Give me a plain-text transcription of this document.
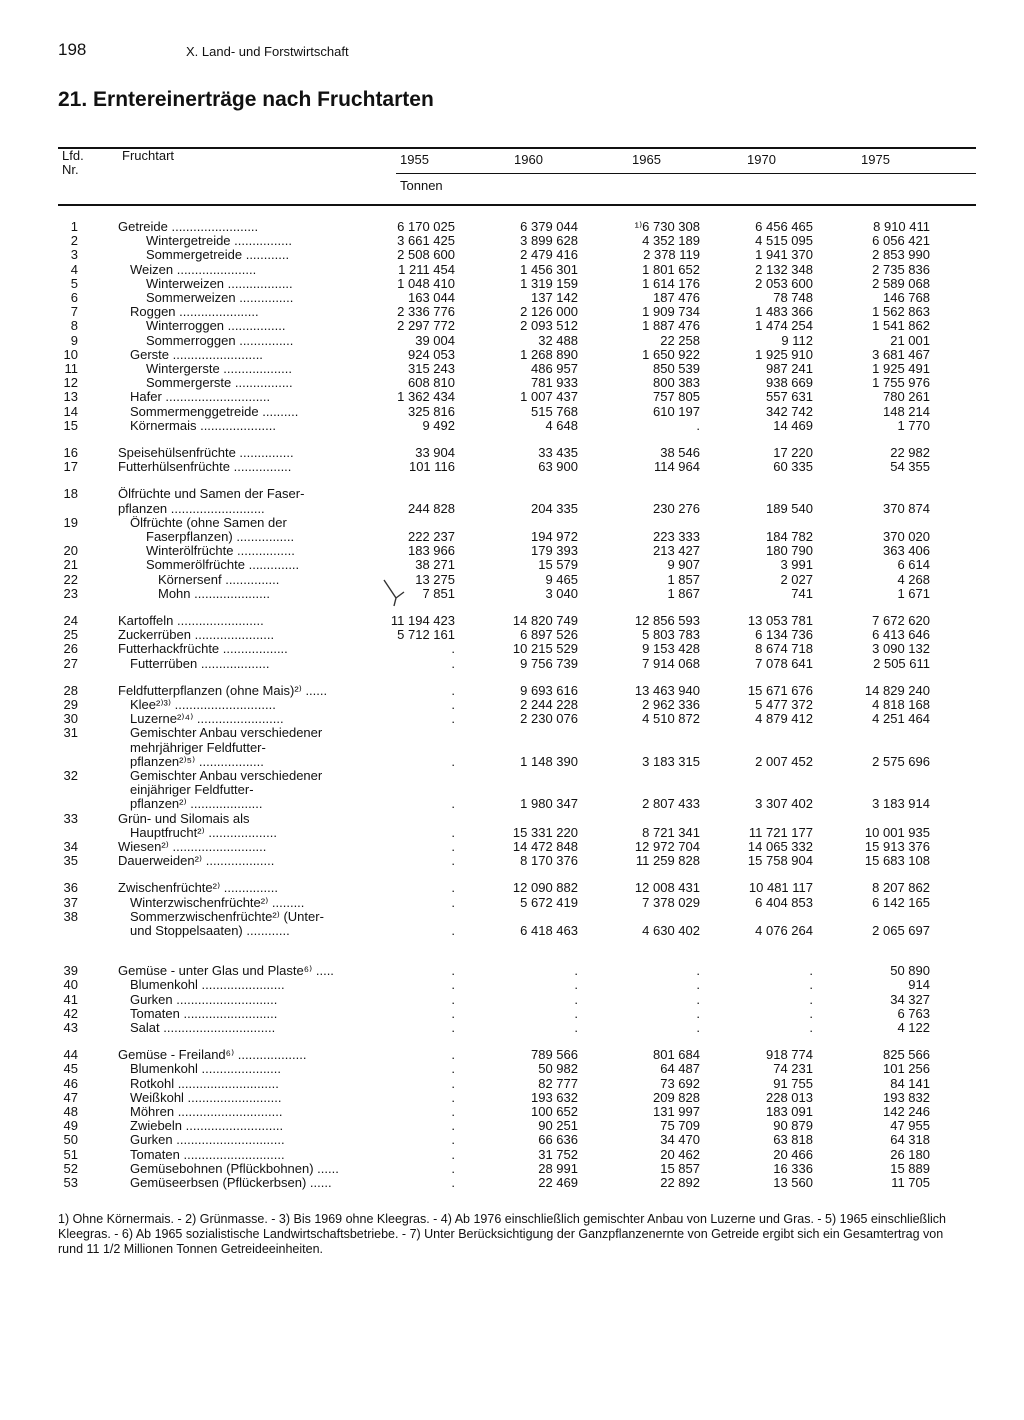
198	X. Land- und Forstwirtschaft
21. Erntereinerträge nach Fruchtarten
Lfd.
Nr.
Fruchtart	1955	1960	1965	1970	1975
Tonnen
1	Getreide ........................	6 170 025	6 379 044	¹⁾6 730 308	6 456 465	8 910 411
2	Wintergetreide ................	3 661 425	3 899 628	4 352 189	4 515 095	6 056 421
3	Sommergetreide ............	2 508 600	2 479 416	2 378 119	1 941 370	2 853 990
4	Weizen ......................	1 211 454	1 456 301	1 801 652	2 132 348	2 735 836
5	Winterweizen ..................	1 048 410	1 319 159	1 614 176	2 053 600	2 589 068
6	Sommerweizen ...............	163 044	137 142	187 476	78 748	146 768
7	Roggen ......................	2 336 776	2 126 000	1 909 734	1 483 366	1 562 863
8	Winterroggen ................	2 297 772	2 093 512	1 887 476	1 474 254	1 541 862
9	Sommerroggen ...............	39 004	32 488	22 258	9 112	21 001
10	Gerste .........................	924 053	1 268 890	1 650 922	1 925 910	3 681 467
11	Wintergerste ...................	315 243	486 957	850 539	987 241	1 925 491
12	Sommergerste ................	608 810	781 933	800 383	938 669	1 755 976
13	Hafer .............................	1 362 434	1 007 437	757 805	557 631	780 261
14	Sommermenggetreide ..........	325 816	515 768	610 197	342 742	148 214
15	Körnermais .....................	9 492	4 648	.	14 469	1 770
16	Speisehülsenfrüchte ...............	33 904	33 435	38 546	17 220	22 982
17	Futterhülsenfrüchte ................	101 116	63 900	114 964	60 335	54 355
18	Ölfrüchte und Samen der Faser-
pflanzen ..........................	244 828	204 335	230 276	189 540	370 874
19	Ölfrüchte (ohne Samen der
Faserpflanzen) ................	222 237	194 972	223 333	184 782	370 020
20	Winterölfrüchte ................	183 966	179 393	213 427	180 790	363 406
21	Sommerölfrüchte ..............	38 271	15 579	9 907	3 991	6 614
22	Körnersenf ...............	13 275	9 465	1 857	2 027	4 268
23	Mohn .....................	7 851	3 040	1 867	741	1 671
24	Kartoffeln ........................	11 194 423	14 820 749	12 856 593	13 053 781	7 672 620
25	Zuckerrüben ......................	5 712 161	6 897 526	5 803 783	6 134 736	6 413 646
26	Futterhackfrüchte ..................	.	10 215 529	9 153 428	8 674 718	3 090 132
27	Futterrüben ...................	.	9 756 739	7 914 068	7 078 641	2 505 611
28	Feldfutterpflanzen (ohne Mais)²⁾ ......	.	9 693 616	13 463 940	15 671 676	14 829 240
29	Klee²⁾³⁾ ............................	.	2 244 228	2 962 336	5 477 372	4 818 168
30	Luzerne²⁾⁴⁾ ........................	.	2 230 076	4 510 872	4 879 412	4 251 464
31	Gemischter Anbau verschiedener
mehrjähriger Feldfutter-
pflanzen²⁾⁵⁾ ..................	.	1 148 390	3 183 315	2 007 452	2 575 696
32	Gemischter Anbau verschiedener
einjähriger Feldfutter-
pflanzen²⁾ ....................	.	1 980 347	2 807 433	3 307 402	3 183 914
33	Grün- und Silomais als
Hauptfrucht²⁾ ...................	.	15 331 220	8 721 341	11 721 177	10 001 935
34	Wiesen²⁾ ..........................	.	14 472 848	12 972 704	14 065 332	15 913 376
35	Dauerweiden²⁾ ...................	.	8 170 376	11 259 828	15 758 904	15 683 108
36	Zwischenfrüchte²⁾ ...............	.	12 090 882	12 008 431	10 481 117	8 207 862
37	Winterzwischenfrüchte²⁾ .........	.	5 672 419	7 378 029	6 404 853	6 142 165
38	Sommerzwischenfrüchte²⁾ (Unter-
und Stoppelsaaten) ............	.	6 418 463	4 630 402	4 076 264	2 065 697
39	Gemüse - unter Glas und Plaste⁶⁾ .....	.	.	.	.	50 890
40	Blumenkohl .......................	.	.	.	.	914
41	Gurken ............................	.	.	.	.	34 327
42	Tomaten ..........................	.	.	.	.	6 763
43	Salat ...............................	.	.	.	.	4 122
44	Gemüse - Freiland⁶⁾ ...................	.	789 566	801 684	918 774	825 566
45	Blumenkohl ......................	.	50 982	64 487	74 231	101 256
46	Rotkohl ............................	.	82 777	73 692	91 755	84 141
47	Weißkohl ..........................	.	193 632	209 828	228 013	193 832
48	Möhren .............................	.	100 652	131 997	183 091	142 246
49	Zwiebeln ...........................	.	90 251	75 709	90 879	47 955
50	Gurken ..............................	.	66 636	34 470	63 818	64 318
51	Tomaten ............................	.	31 752	20 462	20 466	26 180
52	Gemüsebohnen (Pflückbohnen) ......	.	28 991	15 857	16 336	15 889
53	Gemüseerbsen (Pflückerbsen) ......	.	22 469	22 892	13 560	11 705
1) Ohne Körnermais. - 2) Grünmasse. - 3) Bis 1969 ohne Kleegras. - 4) Ab 1976 einschließlich gemischter Anbau von Luzerne und Gras. - 5) 1965 einschließlich Kleegras. - 6) Ab 1965 sozialistische Landwirtschaftsbetriebe. - 7) Unter Berücksichtigung der Ganzpflanzenernte von Getreide ergibt sich ein Gesamtertrag von rund 11 1/2 Millionen Tonnen Getreideeinheiten.
